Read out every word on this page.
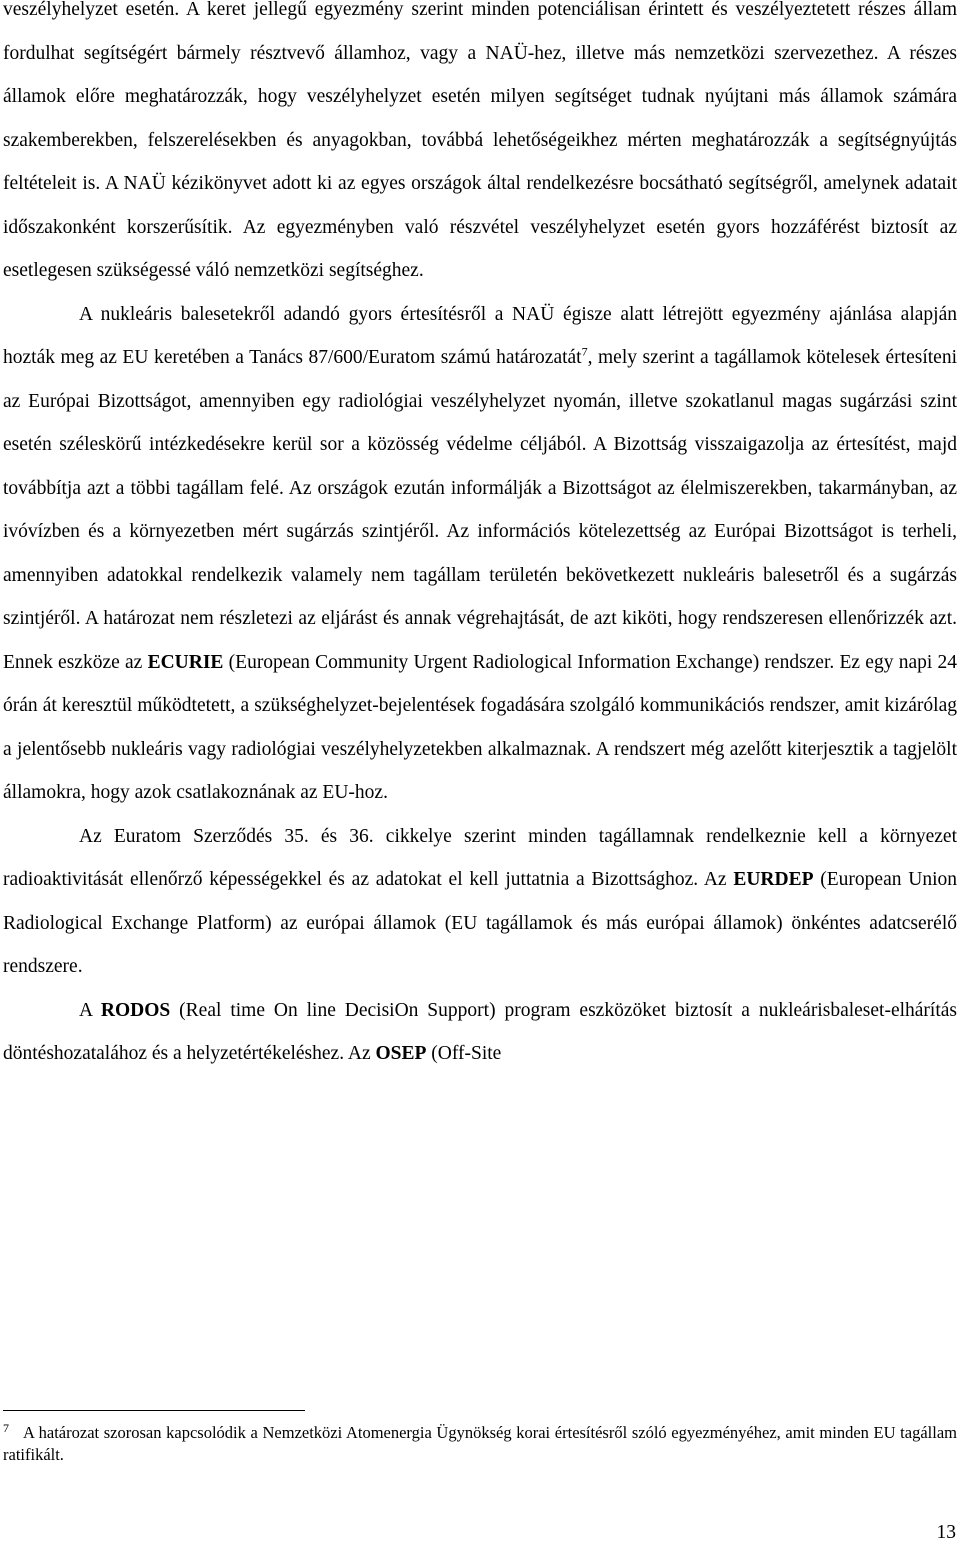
veszélyhelyzet esetén. A keret jellegű egyezmény szerint minden potenciálisan érintett és veszélyeztetett részes állam fordulhat segítségért bármely résztvevő államhoz, vagy a NAÜ-hez, illetve más nemzetközi szervezethez. A részes államok előre meghatározzák, hogy veszélyhelyzet esetén milyen segítséget tudnak nyújtani más államok számára szakemberekben, felszerelésekben és anyagokban, továbbá lehetőségeikhez mérten meghatározzák a segítségnyújtás feltételeit is. A NAÜ kézikönyvet adott ki az egyes országok által rendelkezésre bocsátható segítségről, amelynek adatait időszakonként korszerűsítik. Az egyezményben való részvétel veszélyhelyzet esetén gyors hozzáférést biztosít az esetlegesen szükségessé váló nemzetközi segítséghez.

A nukleáris balesetekről adandó gyors értesítésről a NAÜ égisze alatt létrejött egyezmény ajánlása alapján hozták meg az EU keretében a Tanács 87/600/Euratom számú határozatát$^7$, mely szerint a tagállamok kötelesek értesíteni az Európai Bizottságot, amennyiben egy radiológiai veszélyhelyzet nyomán, illetve szokatlanul magas sugárzási szint esetén széleskörű intézkedésekre kerül sor a közösség védelme céljából. A Bizottság visszaigazolja az értesítést, majd továbbítja azt a többi tagállam felé. Az országok ezután informálják a Bizottságot az élelmiszerekben, takarmányban, az ivóvízben és a környezetben mért sugárzás szintjéről. Az információs kötelezettség az Európai Bizottságot is terheli, amennyiben adatokkal rendelkezik valamely nem tagállam területén bekövetkezett nukleáris balesetről és a sugárzás szintjéről. A határozat nem részletezi az eljárást és annak végrehajtását, de azt kiköti, hogy rendszeresen ellenőrizzék azt. Ennek eszköze az ECURIE (European Community Urgent Radiological Information Exchange) rendszer. Ez egy napi 24 órán át keresztül működtetett, a szükséghelyzet-bejelentések fogadására szolgáló kommunikációs rendszer, amit kizárólag a jelentősebb nukleáris vagy radiológiai veszélyhelyzetekben alkalmaznak. A rendszert még azelőtt kiterjesztik a tagjelölt államokra, hogy azok csatlakoznának az EU-hoz.

Az Euratom Szerződés 35. és 36. cikkelye szerint minden tagállamnak rendelkeznie kell a környezet radioaktivitását ellenőrző képességekkel és az adatokat el kell juttatnia a Bizottsághoz. Az EURDEP (European Union Radiological Exchange Platform) az európai államok (EU tagállamok és más európai államok) önkéntes adatcserélő rendszere.

A RODOS (Real time On line DecisiOn Support) program eszközöket biztosít a nukleárisbaleset-elhárítás döntéshozatalához és a helyzetértékeléshez. Az OSEP (Off-Site

$^7$ A határozat szorosan kapcsolódik a Nemzetközi Atomenergia Ügynökség korai értesítésről szóló egyezményéhez, amit minden EU tagállam ratifikált.

13
